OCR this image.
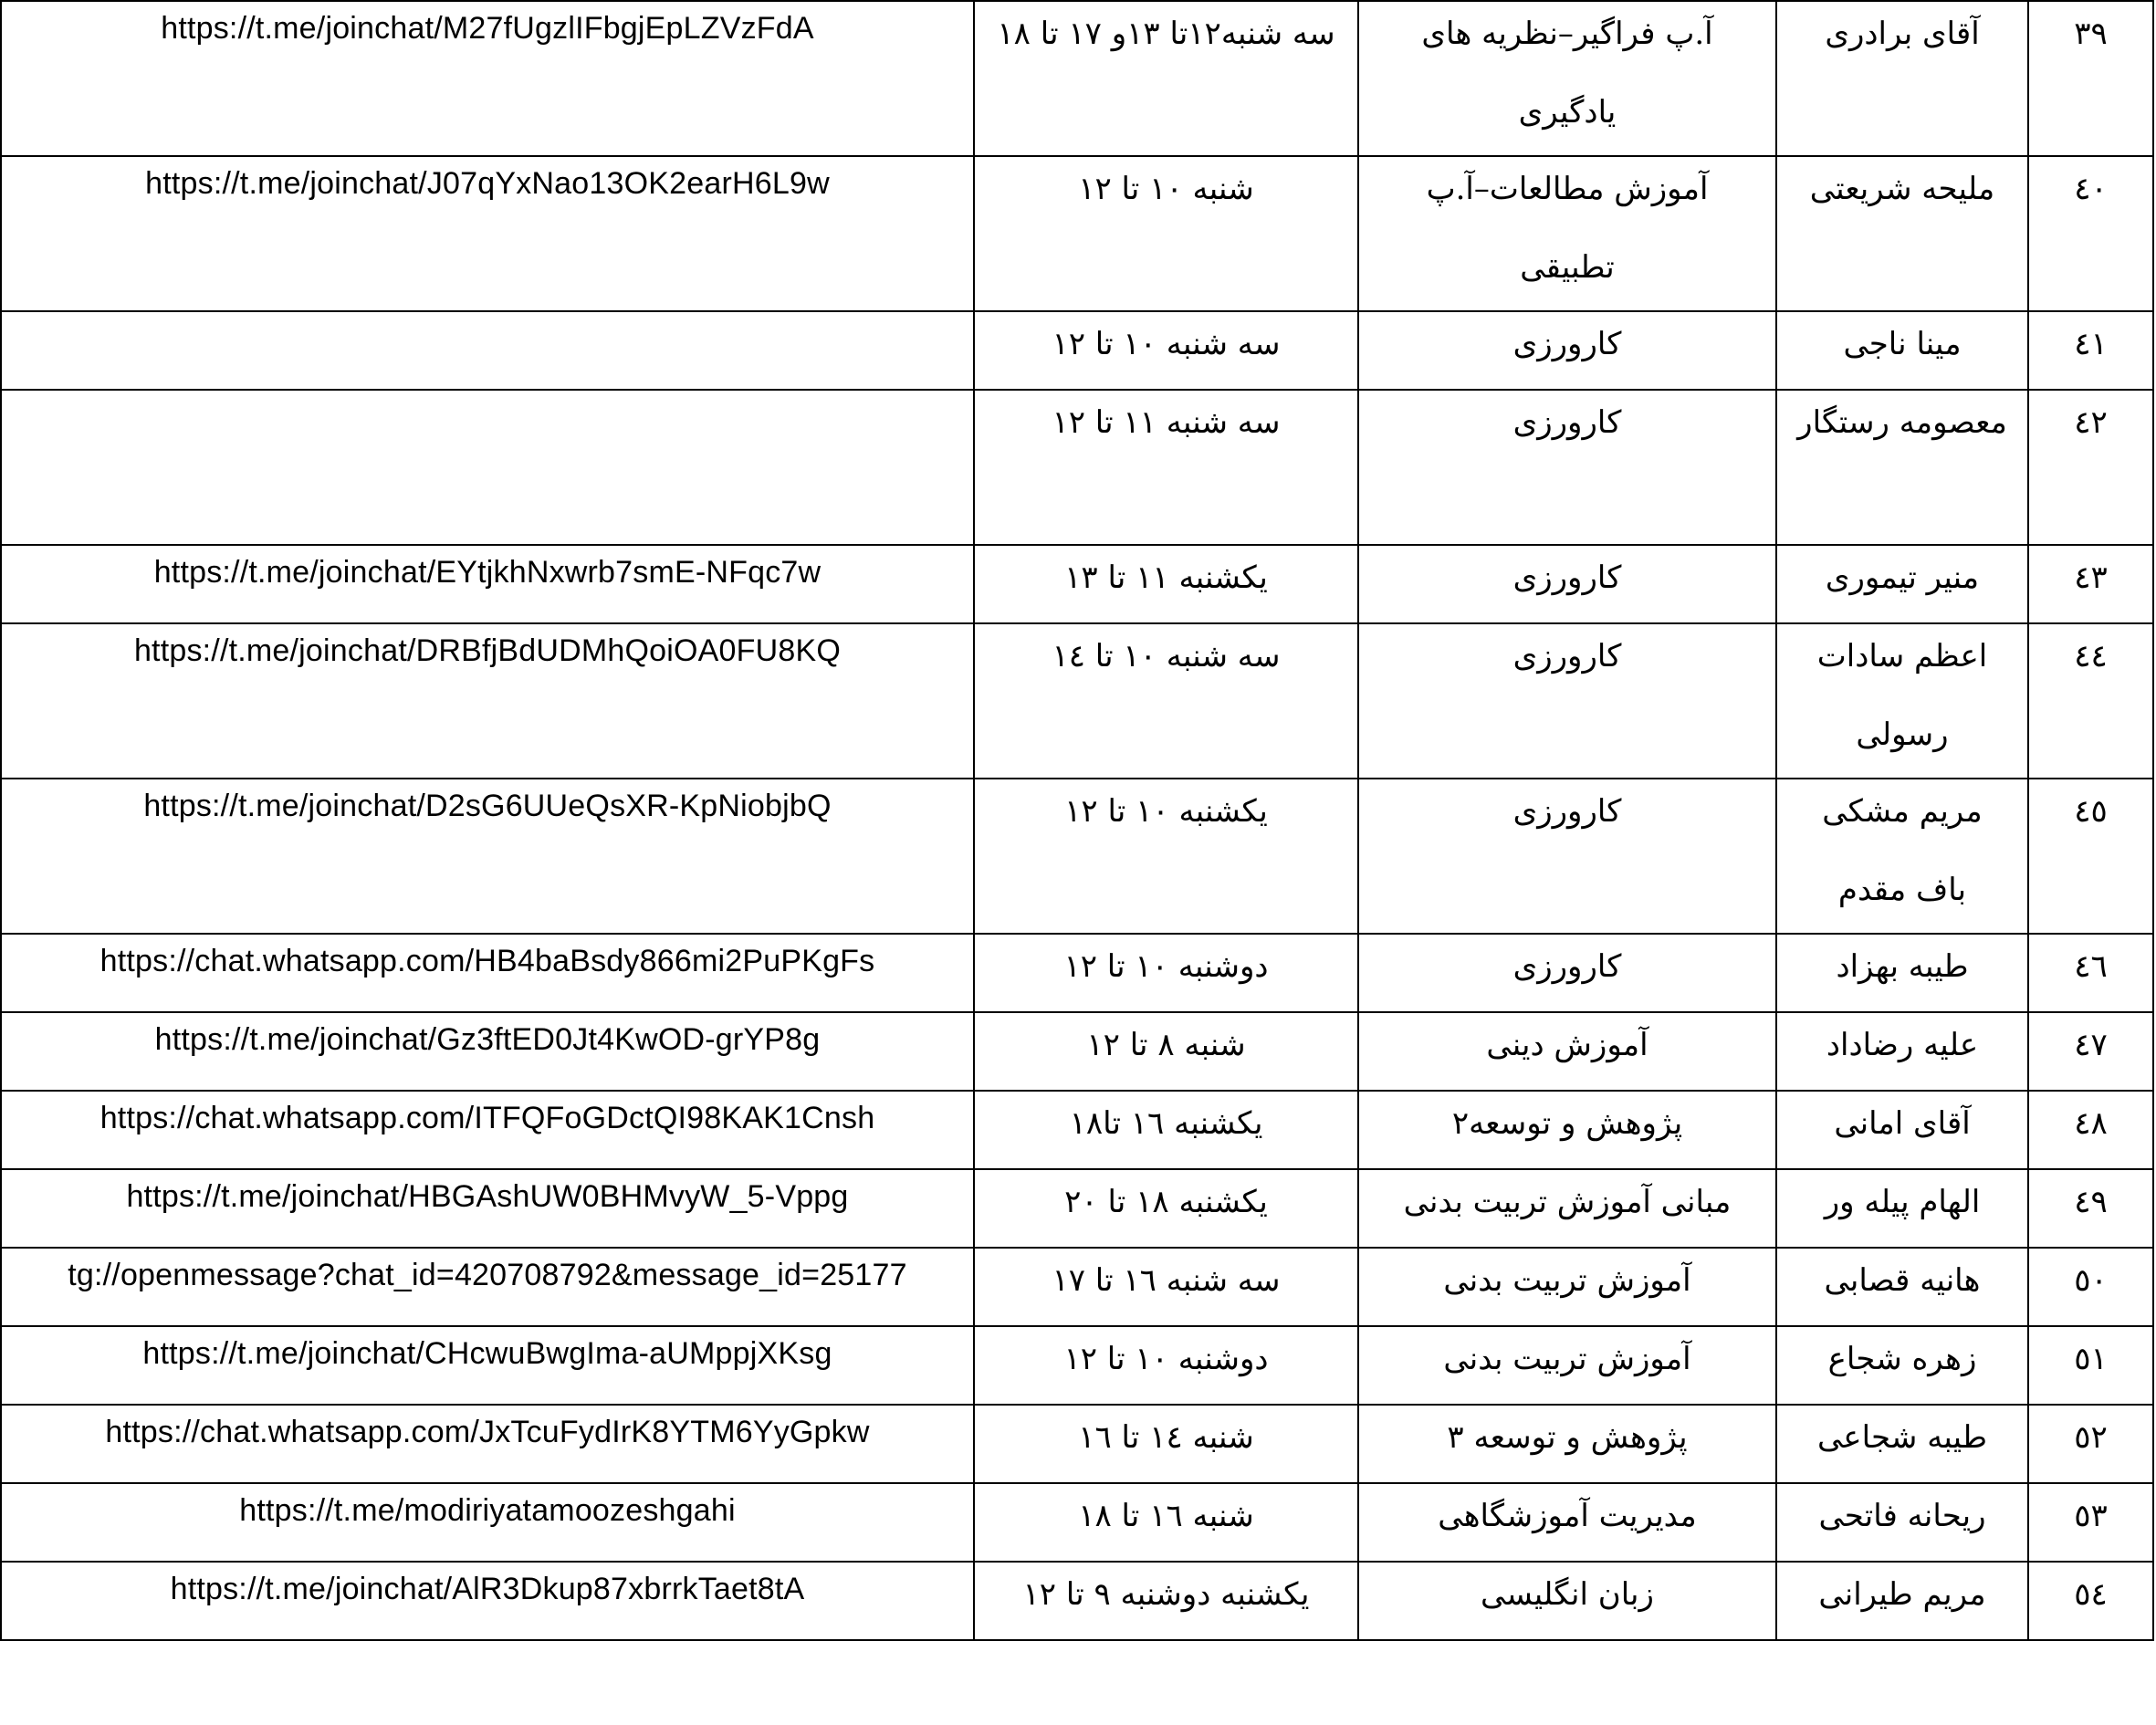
https://t.me/joinchat/M27fUgzlIFbgjEpLZVzFdA	سه شنبه۱۲تا ۱۳و ۱۷ تا ۱۸	آ.پ فراگیر–نظریه های یادگیری	آقای برادری	۳۹

https://t.me/joinchat/J07qYxNao13OK2earH6L9w	شنبه ۱۰ تا ۱۲	آموزش مطالعات–آ.پ تطبیقی	ملیحه شریعتی	٤٠

	سه شنبه ۱۰ تا ۱۲	کارورزی	مینا ناجی	٤١

	سه شنبه ۱۱ تا ۱۲	کارورزی	معصومه رستگار	٤٢

https://t.me/joinchat/EYtjkhNxwrb7smE-NFqc7w	یکشنبه ۱۱ تا ۱۳	کارورزی	منیر تیموری	٤٣

https://t.me/joinchat/DRBfjBdUDMhQoiOA0FU8KQ	سه شنبه ۱۰ تا ۱٤	کارورزی	اعظم سادات رسولی	٤٤

https://t.me/joinchat/D2sG6UUeQsXR-KpNiobjbQ	یکشنبه ۱۰ تا ۱۲	کارورزی	مریم مشکی باف مقدم	٤٥

https://chat.whatsapp.com/HB4baBsdy866mi2PuPKgFs	دوشنبه ۱۰ تا ۱۲	کارورزی	طیبه بهزاد	٤٦

https://t.me/joinchat/Gz3ftED0Jt4KwOD-grYP8g	شنبه ۸ تا ۱۲	آموزش دینی	علیه رضاداد	٤٧

https://chat.whatsapp.com/ITFQFoGDctQI98KAK1Cnsh	یکشنبه ۱٦ تا۱۸	پژوهش و توسعه۲	آقای امانی	٤٨

https://t.me/joinchat/HBGAshUW0BHMvyW_5-Vppg	یکشنبه ۱۸ تا ۲۰	مبانی آموزش تربیت بدنی	الهام پیله ور	٤٩

tg://openmessage?chat_id=420708792&message_id=25177	سه شنبه ۱٦ تا ۱۷	آموزش تربیت بدنی	هانیه قصابی	٥٠

https://t.me/joinchat/CHcwuBwgIma-aUMppjXKsg	دوشنبه ۱۰ تا ۱۲	آموزش تربیت بدنی	زهره شجاع	٥١

https://chat.whatsapp.com/JxTcuFydIrK8YTM6YyGpkw	شنبه ۱٤ تا ۱٦	پژوهش و توسعه ۳	طیبه شجاعی	٥٢

https://t.me/modiriyatamoozeshgahi	شنبه ۱٦ تا ۱۸	مدیریت آموزشگاهی	ریحانه فاتحی	٥٣

https://t.me/joinchat/AlR3Dkup87xbrrkTaet8tA	یکشنبه دوشنبه ۹ تا ۱۲	زبان انگلیسی	مریم طیرانی	٥٤
